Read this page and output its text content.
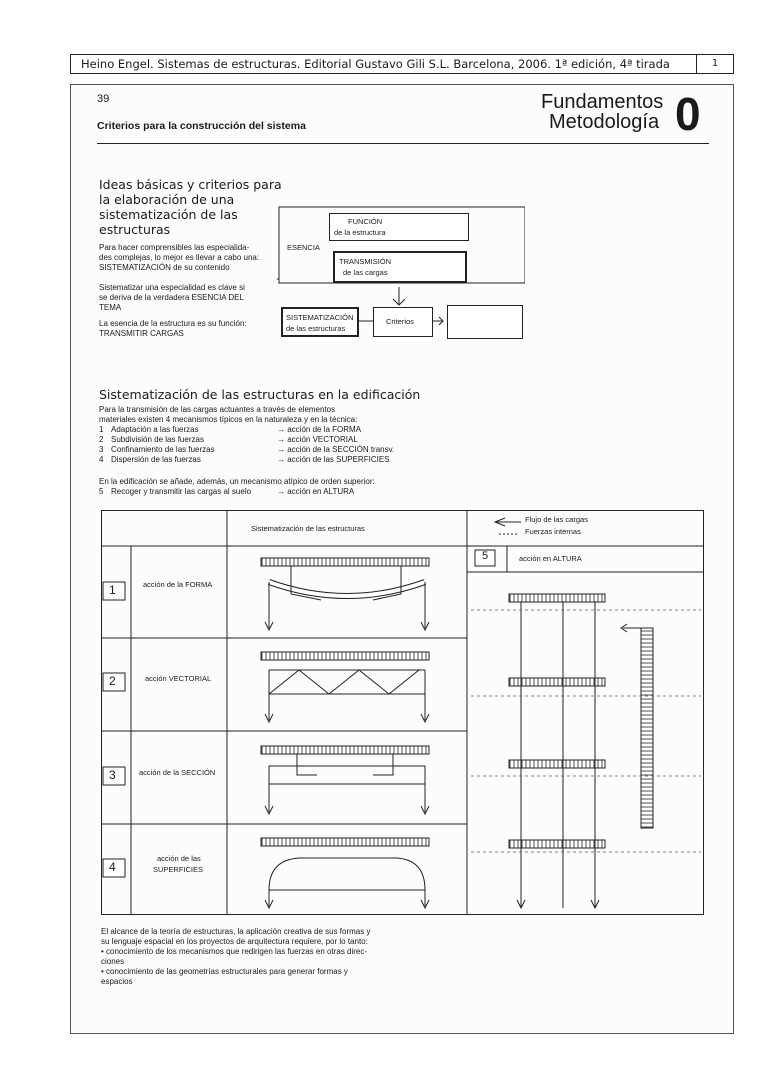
Heino Engel. Sistemas de estructuras. Editorial Gustavo Gili S.L. Barcelona, 2006. 1ª edición, 4ª tirada	1
39
Criterios para la construcción del sistema
Fundamentos
Metodología 0
Ideas básicas y criterios para
la elaboración de una
sistematización de las
estructuras
Para hacer comprensibles las especialida-
des complejas, lo mejor es llevar a cabo una:
SISTEMATIZACIÓN de su contenido
Sistematizar una especialidad es clave si
se deriva de la verdadera ESENCIA DEL
TEMA
La esencia de la estructura es su función:
TRANSMITIR CARGAS
FUNCIÓN
de la estructura
ESENCIA
TRANSMISIÓN
de las cargas
SISTEMATIZACIÓN
de las estructuras
Criterios
Sistematización de las estructuras en la edificación
Para la transmisión de las cargas actuantes a través de elementos
materiales existen 4 mecanismos típicos en la naturaleza y en la técnica:
1 Adaptación a las fuerzas	→ acción de la FORMA
2 Subdivisión de las fuerzas	→ acción VECTORIAL
3 Confinamiento de las fuerzas	→ acción de la SECCIÓN transv.
4 Dispersión de las fuerzas	→ acción de las SUPERFICIES
En la edificación se añade, además, un mecanismo atípico de orden superior:
5 Recoger y transmitir las cargas al suelo	→ acción en ALTURA
Sistematización de las estructuras
Flujo de las cargas
Fuerzas internas
5	acción en ALTURA
1	acción de la FORMA
2	acción VECTORIAL
3	acción de la SECCIÓN
4
acción de las
SUPERFICIES
El alcance de la teoría de estructuras, la aplicación creativa de sus formas y
su lenguaje espacial en los proyectos de arquitectura requiere, por lo tanto:
• conocimiento de los mecanismos que redirigen las fuerzas en otras direc-
ciones
• conocimiento de las geometrías estructurales para generar formas y
espacios
